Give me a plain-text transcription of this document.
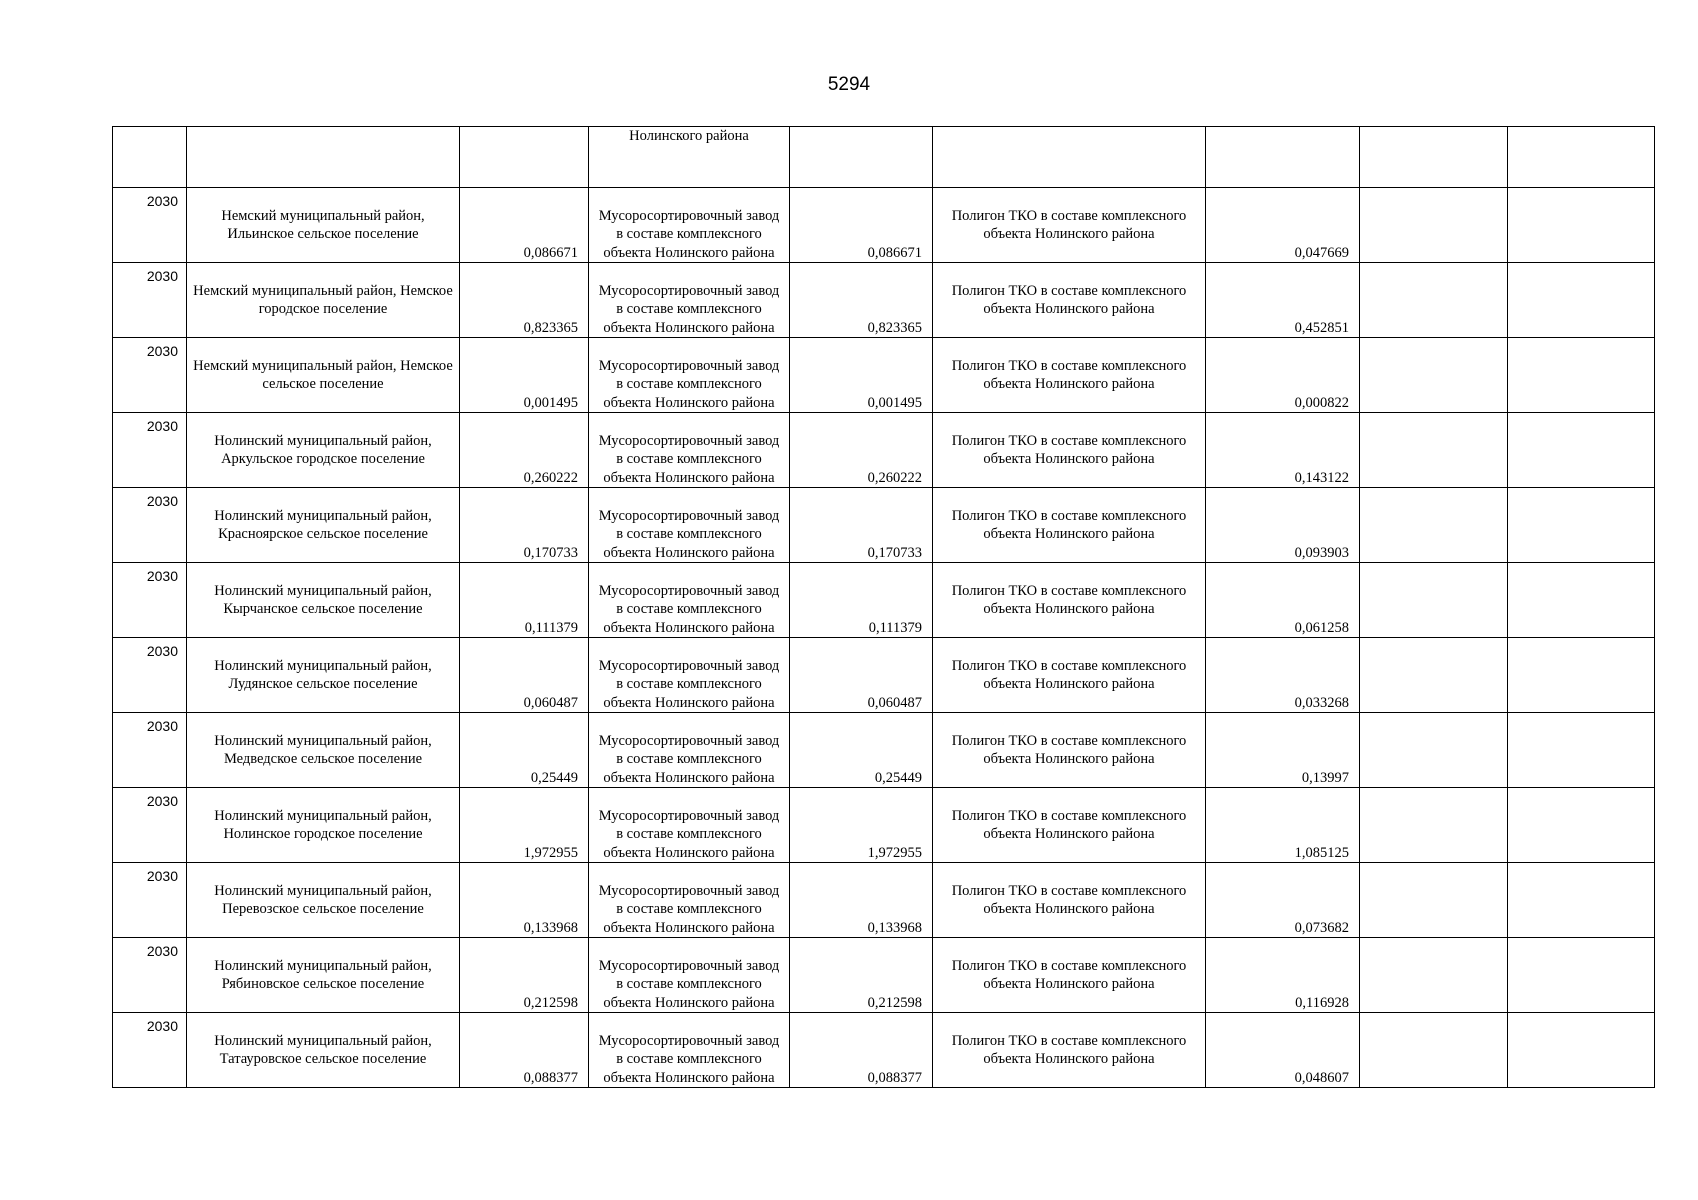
5294
			Нолинского района					
2030	Немский муниципальный район, Ильинское сельское поселение	0,086671	Мусоросортировочный завод в составе комплексного объекта Нолинского района	0,086671	Полигон ТКО в составе комплексного объекта Нолинского района	0,047669		
2030	Немский муниципальный район, Немское городское поселение	0,823365	Мусоросортировочный завод в составе комплексного объекта Нолинского района	0,823365	Полигон ТКО в составе комплексного объекта Нолинского района	0,452851		
2030	Немский муниципальный район, Немское сельское поселение	0,001495	Мусоросортировочный завод в составе комплексного объекта Нолинского района	0,001495	Полигон ТКО в составе комплексного объекта Нолинского района	0,000822		
2030	Нолинский муниципальный район, Аркульское городское поселение	0,260222	Мусоросортировочный завод в составе комплексного объекта Нолинского района	0,260222	Полигон ТКО в составе комплексного объекта Нолинского района	0,143122		
2030	Нолинский муниципальный район, Красноярское сельское поселение	0,170733	Мусоросортировочный завод в составе комплексного объекта Нолинского района	0,170733	Полигон ТКО в составе комплексного объекта Нолинского района	0,093903		
2030	Нолинский муниципальный район, Кырчанское сельское поселение	0,111379	Мусоросортировочный завод в составе комплексного объекта Нолинского района	0,111379	Полигон ТКО в составе комплексного объекта Нолинского района	0,061258		
2030	Нолинский муниципальный район, Лудянское сельское поселение	0,060487	Мусоросортировочный завод в составе комплексного объекта Нолинского района	0,060487	Полигон ТКО в составе комплексного объекта Нолинского района	0,033268		
2030	Нолинский муниципальный район, Медведское сельское поселение	0,25449	Мусоросортировочный завод в составе комплексного объекта Нолинского района	0,25449	Полигон ТКО в составе комплексного объекта Нолинского района	0,13997		
2030	Нолинский муниципальный район, Нолинское городское поселение	1,972955	Мусоросортировочный завод в составе комплексного объекта Нолинского района	1,972955	Полигон ТКО в составе комплексного объекта Нолинского района	1,085125		
2030	Нолинский муниципальный район, Перевозское сельское поселение	0,133968	Мусоросортировочный завод в составе комплексного объекта Нолинского района	0,133968	Полигон ТКО в составе комплексного объекта Нолинского района	0,073682		
2030	Нолинский муниципальный район, Рябиновское сельское поселение	0,212598	Мусоросортировочный завод в составе комплексного объекта Нолинского района	0,212598	Полигон ТКО в составе комплексного объекта Нолинского района	0,116928		
2030	Нолинский муниципальный район, Татауровское сельское поселение	0,088377	Мусоросортировочный завод в составе комплексного объекта Нолинского района	0,088377	Полигон ТКО в составе комплексного объекта Нолинского района	0,048607		
